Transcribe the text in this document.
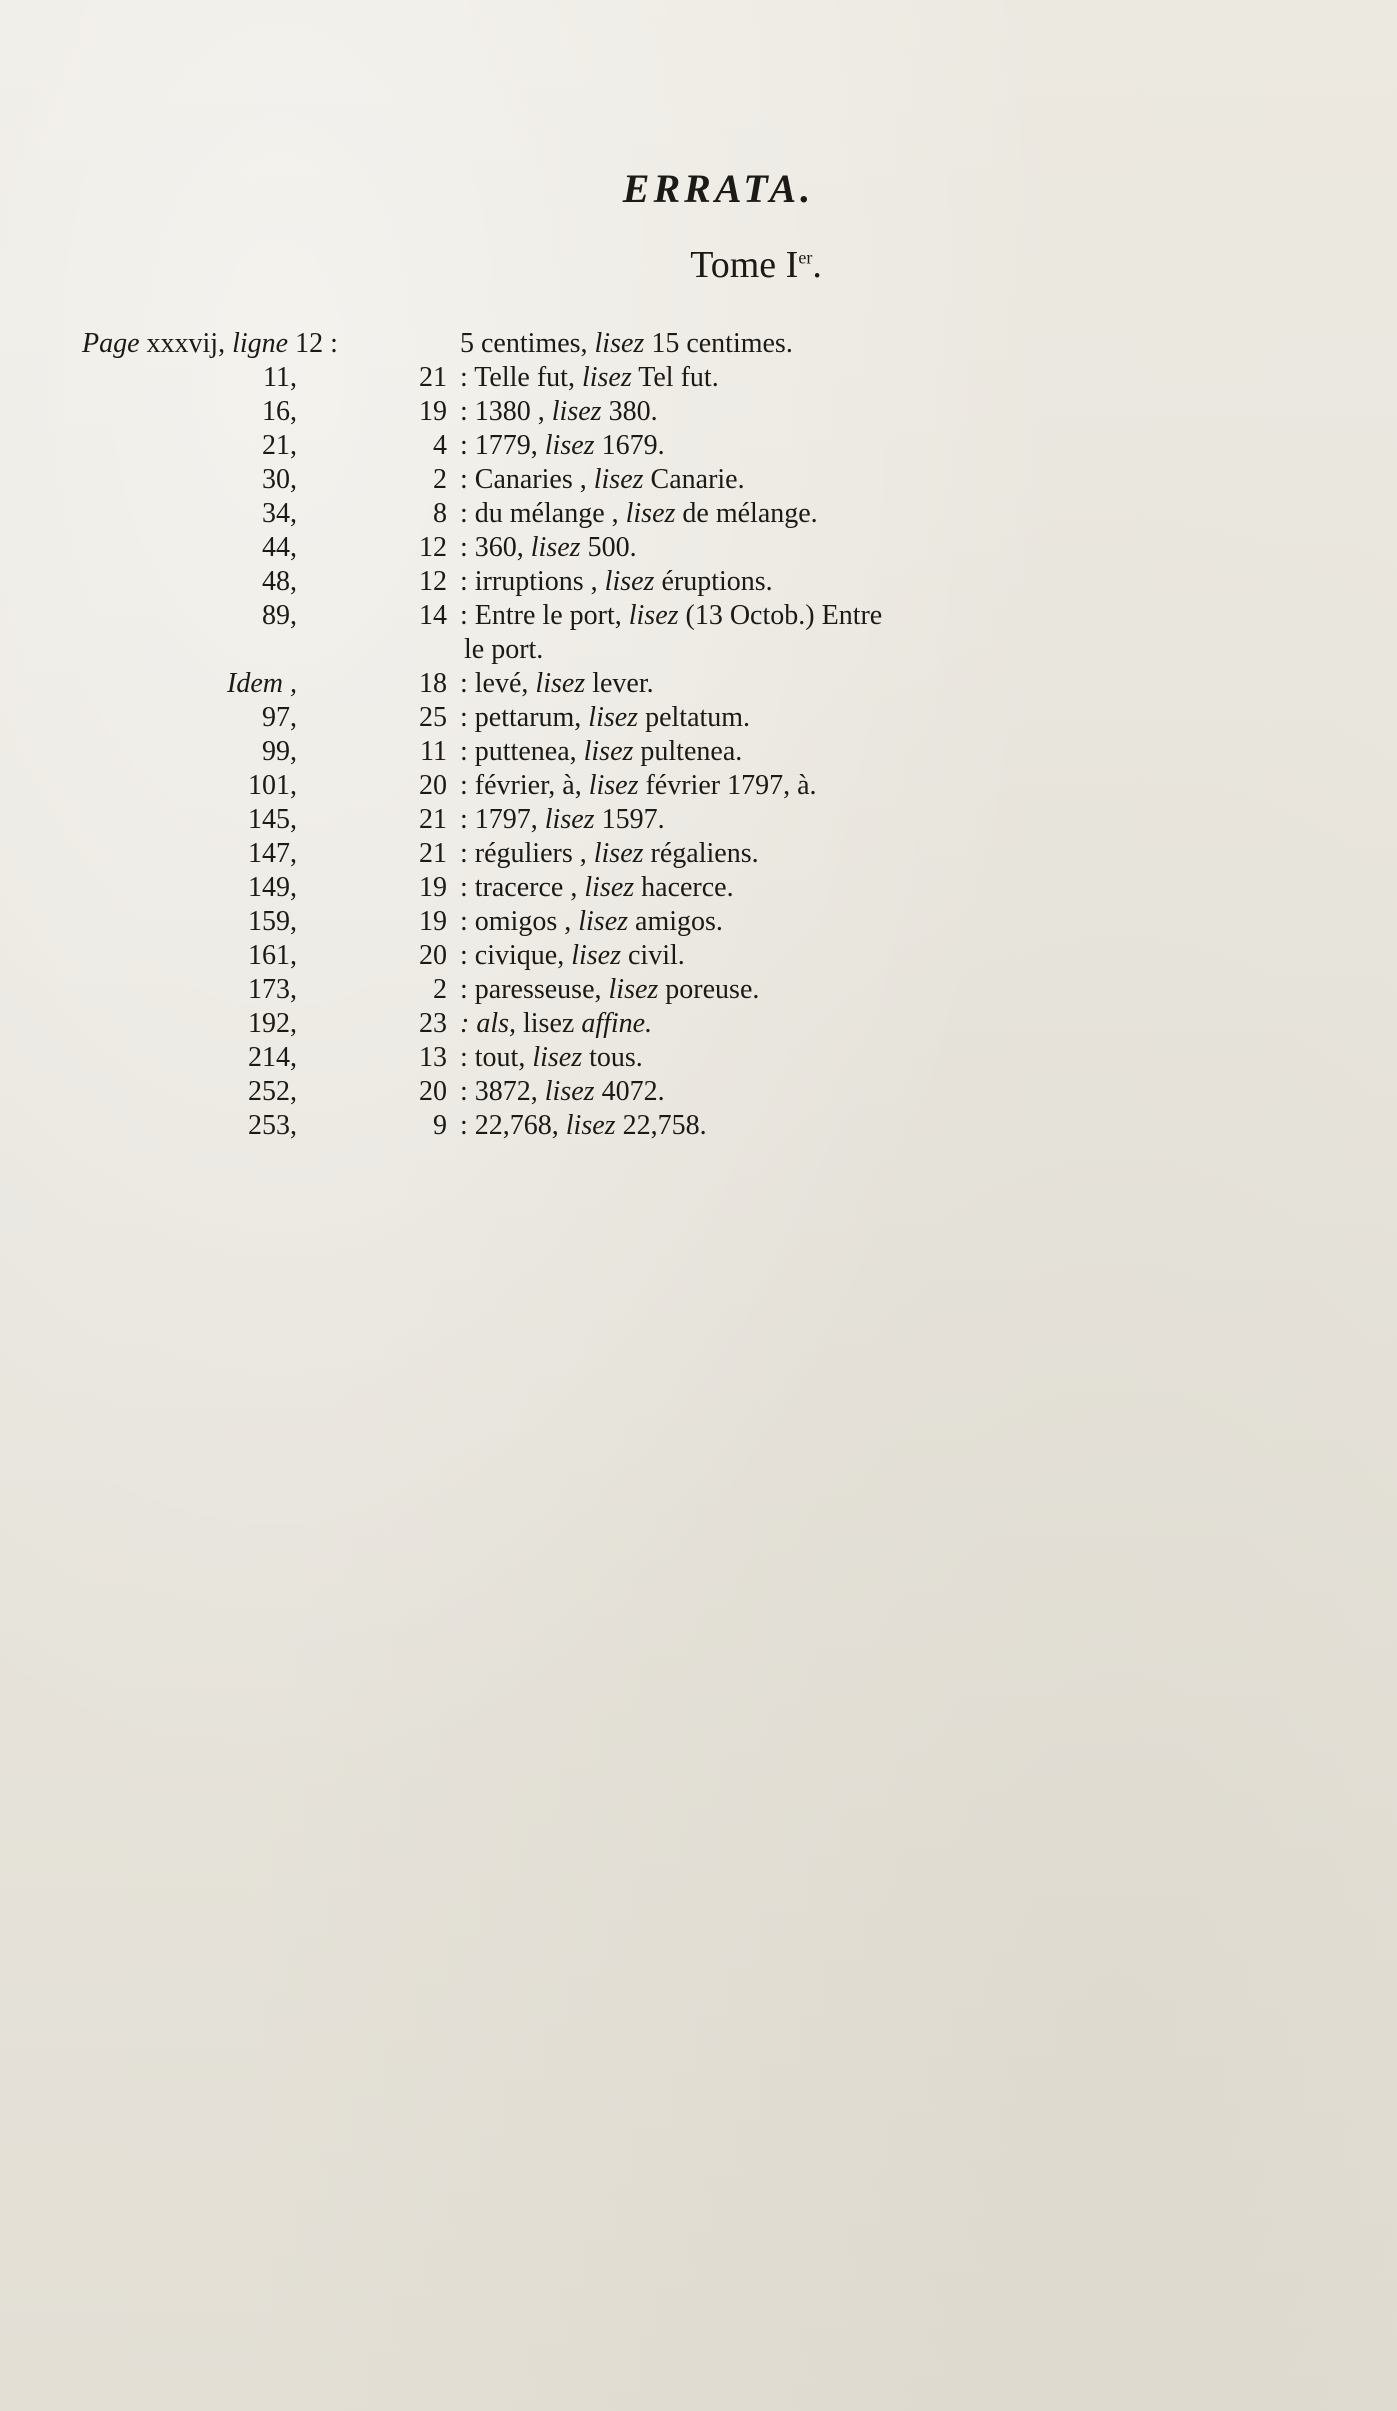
ERRATA.
Tome Ier.
Page xxxvij, ligne 12 :	5 centimes, lisez 15 centimes.
11,	21 : Telle fut, lisez Tel fut.
16,	19 : 1380 , lisez 380.
21,	4 : 1779, lisez 1679.
30,	2 : Canaries , lisez Canarie.
34,	8 : du mélange , lisez de mélange.
44,	12 : 360, lisez 500.
48,	12 : irruptions , lisez éruptions.
89,	14 : Entre le port, lisez (13 Octob.) Entre
le port.
Idem ,	18 : levé, lisez lever.
97,	25 : pettarum, lisez peltatum.
99,	11 : puttenea, lisez pultenea.
101,	20 : février, à, lisez février 1797, à.
145,	21 : 1797, lisez 1597.
147,	21 : réguliers , lisez régaliens.
149,	19 : tracerce , lisez hacerce.
159,	19 : omigos , lisez amigos.
161,	20 : civique, lisez civil.
173,	2 : paresseuse, lisez poreuse.
192,	23 : als, lisez affine.
214,	13 : tout, lisez tous.
252,	20 : 3872, lisez 4072.
253,	9 : 22,768, lisez 22,758.
